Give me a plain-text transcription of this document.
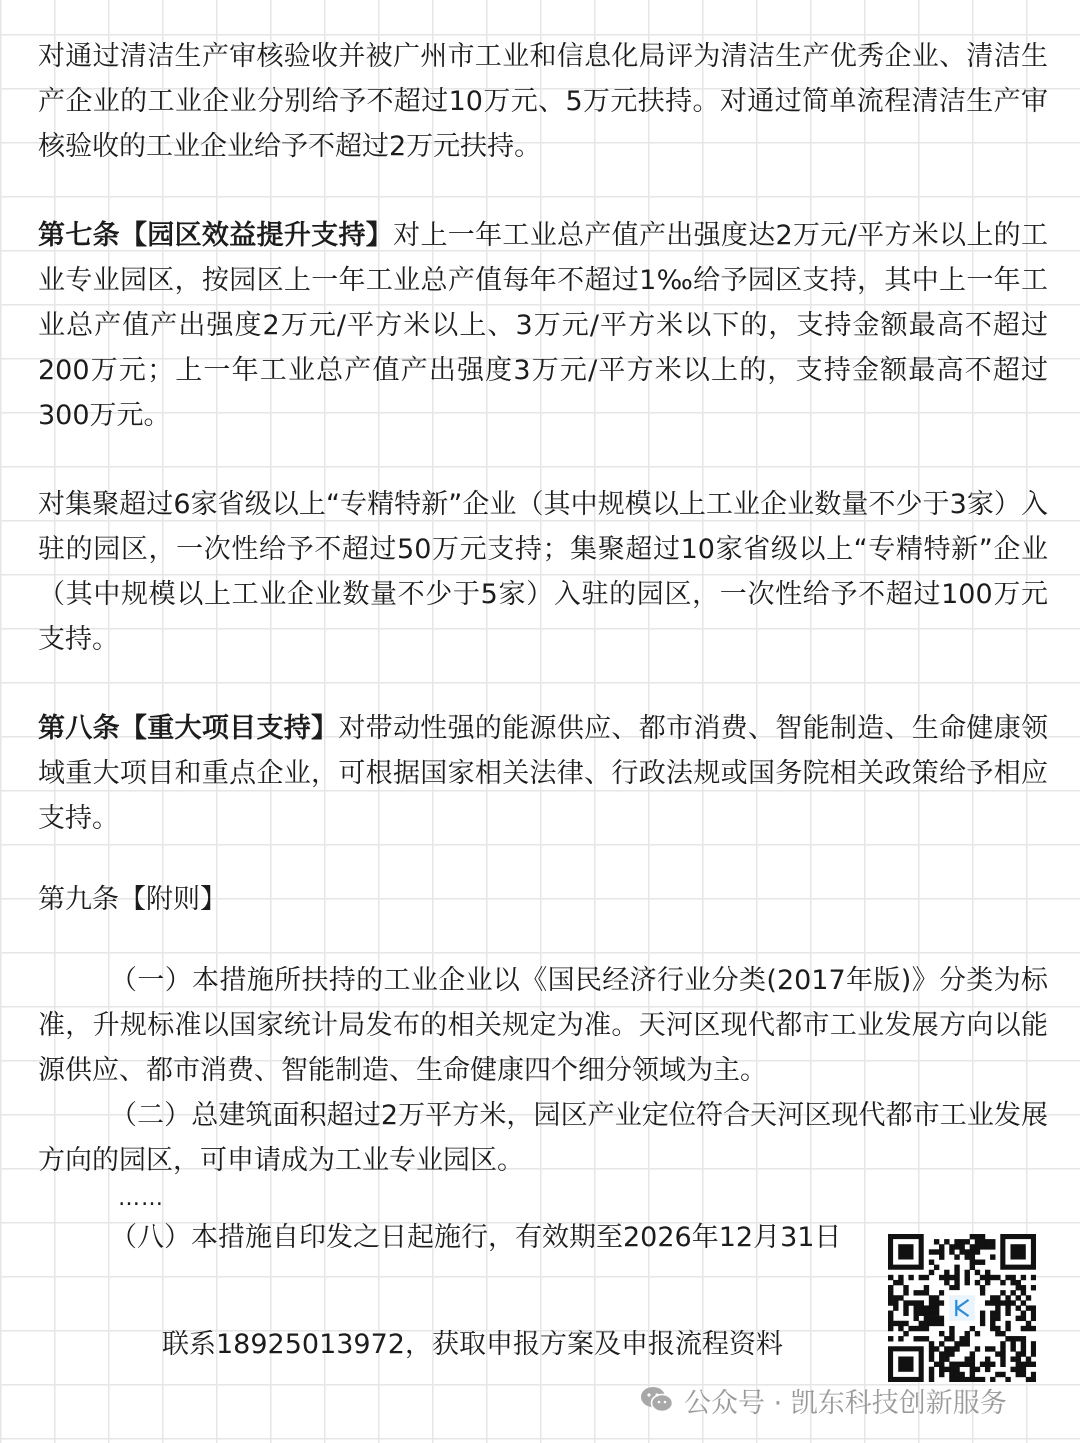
对通过清洁生产审核验收并被广州市工业和信息化局评为清洁生产优秀企业、清洁生产企业的工业企业分别给予不超过10万元、5万元扶持。对通过简单流程清洁生产审核验收的工业企业给予不超过2万元扶持。

第七条【园区效益提升支持】对上一年工业总产值产出强度达2万元/平方米以上的工业专业园区，按园区上一年工业总产值每年不超过1‰给予园区支持，其中上一年工业总产值产出强度2万元/平方米以上、3万元/平方米以下的，支持金额最高不超过200万元；上一年工业总产值产出强度3万元/平方米以上的，支持金额最高不超过300万元。

对集聚超过6家省级以上“专精特新”企业（其中规模以上工业企业数量不少于3家）入驻的园区，一次性给予不超过50万元支持；集聚超过10家省级以上“专精特新”企业（其中规模以上工业企业数量不少于5家）入驻的园区，一次性给予不超过100万元支持。

第八条【重大项目支持】对带动性强的能源供应、都市消费、智能制造、生命健康领域重大项目和重点企业，可根据国家相关法律、行政法规或国务院相关政策给予相应支持。

第九条【附则】

（一）本措施所扶持的工业企业以《国民经济行业分类(2017年版)》分类为标准，升规标准以国家统计局发布的相关规定为准。天河区现代都市工业发展方向以能源供应、都市消费、智能制造、生命健康四个细分领域为主。

（二）总建筑面积超过2万平方米，园区产业定位符合天河区现代都市工业发展方向的园区，可申请成为工业专业园区。

……

（八）本措施自印发之日起施行，有效期至2026年12月31日

联系18925013972，获取申报方案及申报流程资料
公众号 · 凯东科技创新服务
